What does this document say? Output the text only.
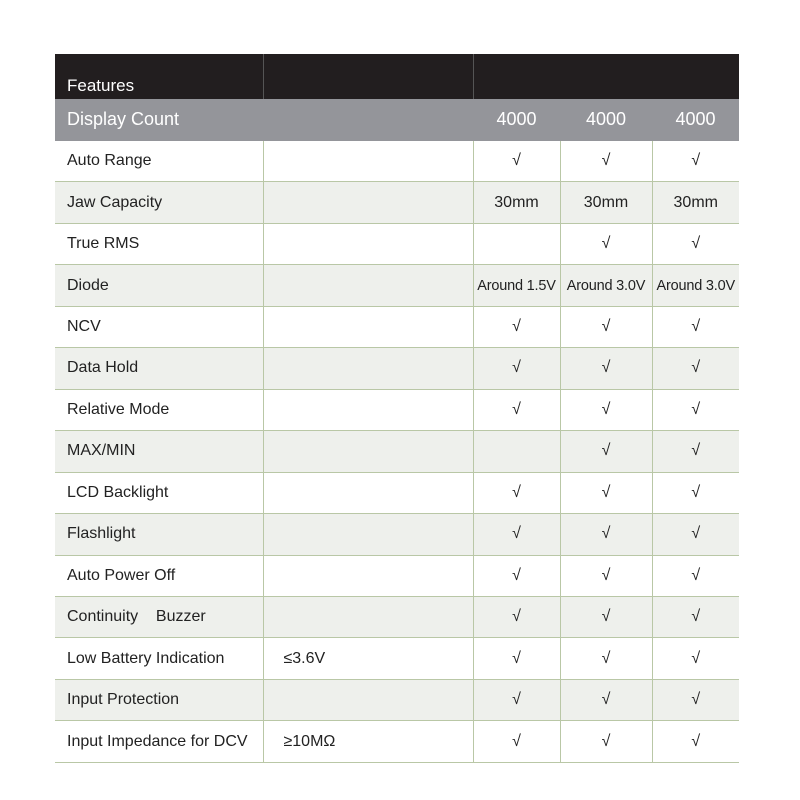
Features				
Display Count		4000	4000	4000
Auto Range		√	√	√
Jaw Capacity		30mm	30mm	30mm
True RMS			√	√
Diode		Around 1.5V	Around 3.0V	Around 3.0V
NCV		√	√	√
Data Hold		√	√	√
Relative Mode		√	√	√
MAX/MIN			√	√
LCD Backlight		√	√	√
Flashlight		√	√	√
Auto Power Off		√	√	√
Continuity    Buzzer		√	√	√
Low Battery Indication	≤3.6V	√	√	√
Input Protection		√	√	√
Input Impedance for DCV	≥10MΩ	√	√	√
